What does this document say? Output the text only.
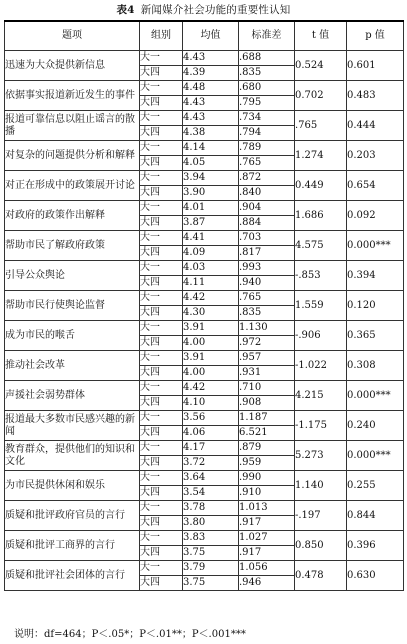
表4 新闻媒介社会功能的重要性认知
题项	组别	均值	标准差	t 值	p 值
迅速为大众提供新信息	大一	4.43	.688	0.524	0.601
	大四	4.39	.835		
依据事实报道新近发生的事件	大一	4.48	.680	0.702	0.483
	大四	4.43	.795		
报道可靠信息以阻止谣言的散播	大一	4.43	.734	.765	0.444
	大四	4.38	.794		
对复杂的问题提供分析和解释	大一	4.14	.789	1.274	0.203
	大四	4.05	.765		
对正在形成中的政策展开讨论	大一	3.94	.872	0.449	0.654
	大四	3.90	.840		
对政府的政策作出解释	大一	4.01	.904	1.686	0.092
	大四	3.87	.884		
帮助市民了解政府政策	大一	4.41	.703	4.575	0.000***
	大四	4.09	.817		
引导公众舆论	大一	4.03	.993	-.853	0.394
	大四	4.11	.940		
帮助市民行使舆论监督	大一	4.42	.765	1.559	0.120
	大四	4.30	.835		
成为市民的喉舌	大一	3.91	1.130	-.906	0.365
	大四	4.00	.972		
推动社会改革	大一	3.91	.957	-1.022	0.308
	大四	4.00	.931		
声援社会弱势群体	大一	4.42	.710	4.215	0.000***
	大四	4.10	.908		
报道最大多数市民感兴趣的新闻	大一	3.56	1.187	-1.175	0.240
	大四	4.06	6.521		
教育群众，提供他们的知识和文化	大一	4.17	.879	5.273	0.000***
	大四	3.72	.959		
为市民提供休闲和娱乐	大一	3.64	.990	1.140	0.255
	大四	3.54	.910		
质疑和批评政府官员的言行	大一	3.78	1.013	-.197	0.844
	大四	3.80	.917		
质疑和批评工商界的言行	大一	3.83	1.027	0.850	0.396
	大四	3.75	.917		
质疑和批评社会团体的言行	大一	3.79	1.056	0.478	0.630
	大四	3.75	.946		
说明：df=464；P＜.05*；P＜.01**；P＜.001***
